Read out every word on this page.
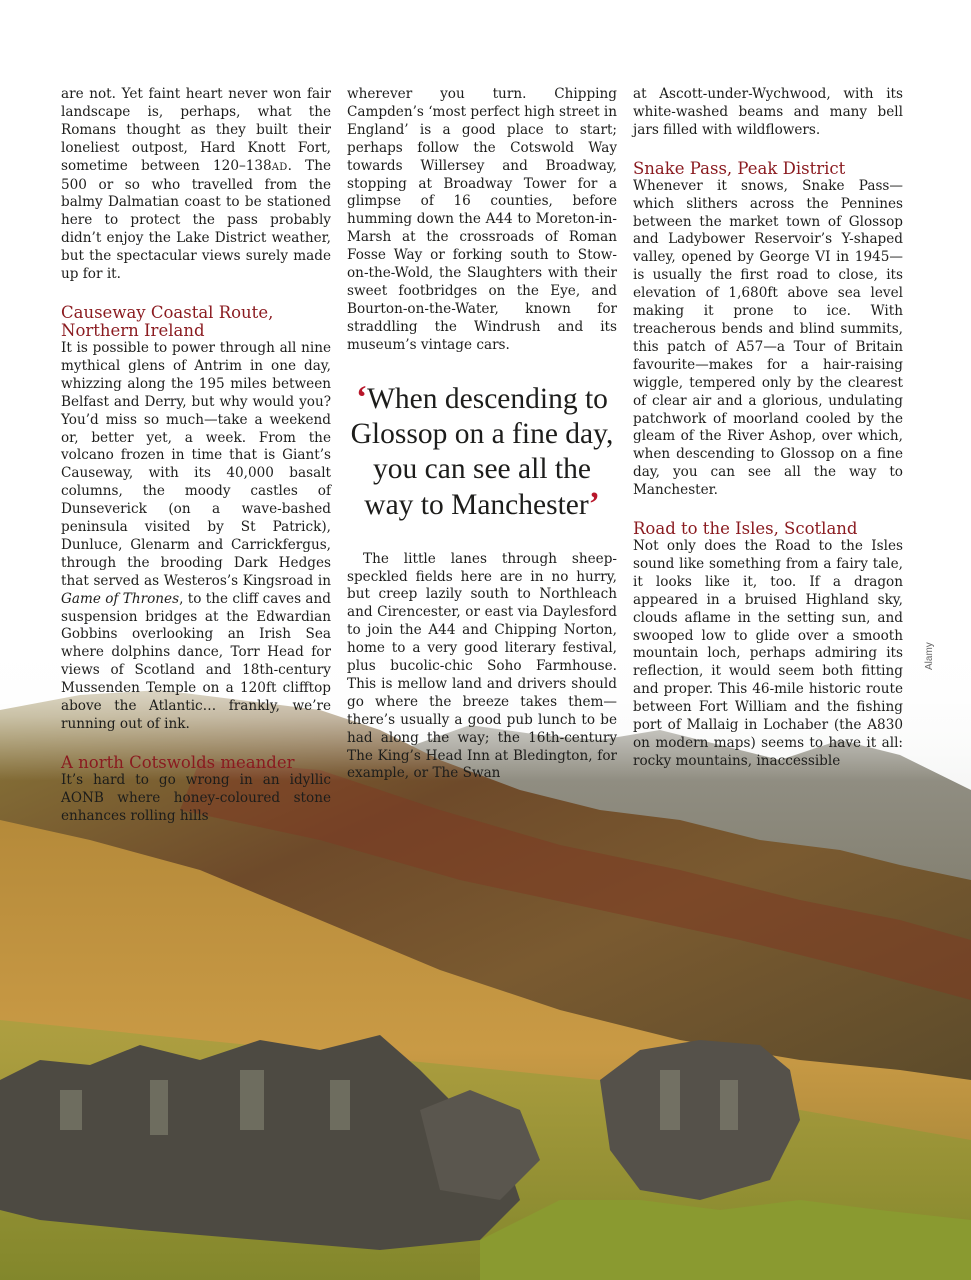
are not. Yet faint heart never won fair landscape is, perhaps, what the Romans thought as they built their loneliest outpost, Hard Knott Fort, sometime between 120–138AD. The 500 or so who travelled from the balmy Dalmatian coast to be stationed here to protect the pass probably didn’t enjoy the Lake District weather, but the spectacular views surely made up for it.

Causeway Coastal Route,
Northern Ireland

It is possible to power through all nine mythical glens of Antrim in one day, whizzing along the 195 miles between Belfast and Derry, but why would you? You’d miss so much—take a weekend or, better yet, a week. From the volcano frozen in time that is Giant’s Causeway, with its 40,000 basalt columns, the moody castles of Dunseverick (on a wave-bashed peninsula visited by St Patrick), Dunluce, Glenarm and Carrickfergus, through the brooding Dark Hedges that served as Westeros’s Kingsroad in Game of Thrones, to the cliff caves and suspension bridges at the Edwardian Gobbins overlooking an Irish Sea where dolphins dance, Torr Head for views of Scotland and 18th-century Mussenden Temple on a 120ft clifftop above the Atlantic… frankly, we’re running out of ink.

A north Cotswolds meander

It’s hard to go wrong in an idyllic AONB where honey-coloured stone enhances rolling hills

wherever you turn. Chipping Campden’s ‘most perfect high street in England’ is a good place to start; perhaps follow the Cotswold Way towards Willersey and Broadway, stopping at Broadway Tower for a glimpse of 16 counties, before humming down the A44 to Moreton-in-Marsh at the crossroads of Roman Fosse Way or forking south to Stow-on-the-Wold, the Slaughters with their sweet footbridges on the Eye, and Bourton-on-the-Water, known for straddling the Windrush and its museum’s vintage cars.

‘When descending to Glossop on a fine day, you can see all the way to Manchester’

The little lanes through sheep-speckled fields here are in no hurry, but creep lazily south to Northleach and Cirencester, or east via Daylesford to join the A44 and Chipping Norton, home to a very good literary festival, plus bucolic-chic Soho Farmhouse. This is mellow land and drivers should go where the breeze takes them—there’s usually a good pub lunch to be had along the way; the 16th-century The King’s Head Inn at Bledington, for example, or The Swan

at Ascott-under-Wychwood, with its white-washed beams and many bell jars filled with wildflowers.

Snake Pass, Peak District

Whenever it snows, Snake Pass—which slithers across the Pennines between the market town of Glossop and Ladybower Reservoir’s Y-shaped valley, opened by George VI in 1945—is usually the first road to close, its elevation of 1,680ft above sea level making it prone to ice. With treacherous bends and blind summits, this patch of A57—a Tour of Britain favourite—makes for a hair-raising wiggle, tempered only by the clearest of clear air and a glorious, undulating patchwork of moorland cooled by the gleam of the River Ashop, over which, when descending to Glossop on a fine day, you can see all the way to Manchester.

Road to the Isles, Scotland

Not only does the Road to the Isles sound like something from a fairy tale, it looks like it, too. If a dragon appeared in a bruised Highland sky, clouds aflame in the setting sun, and swooped low to glide over a smooth mountain loch, perhaps admiring its reflection, it would seem both fitting and proper. This 46-mile historic route between Fort William and the fishing port of Mallaig in Lochaber (the A830 on modern maps) seems to have it all: rocky mountains, inaccessible

Alamy
